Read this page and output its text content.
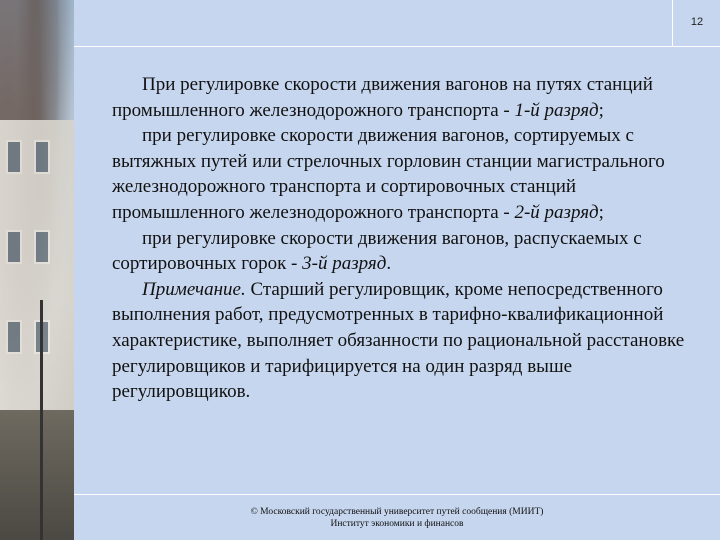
12

При регулировке скорости движения вагонов на путях станций промышленного железнодорожного транспорта - 1-й разряд;

при регулировке скорости движения вагонов, сортируемых с вытяжных путей или стрелочных горловин станции магистрального железнодорожного транспорта и сортировочных станций промышленного железнодорожного транспорта - 2-й разряд;

при регулировке скорости движения вагонов, распускаемых с сортировочных горок - 3-й разряд.

Примечание. Старший регулировщик, кроме непосредственного выполнения работ, предусмотренных в тарифно-квалификационной характеристике, выполняет обязанности по рациональной расстановке регулировщиков и тарифицируется на один разряд выше регулировщиков.

© Московский государственный университет путей сообщения (МИИТ)
Институт экономики и финансов
